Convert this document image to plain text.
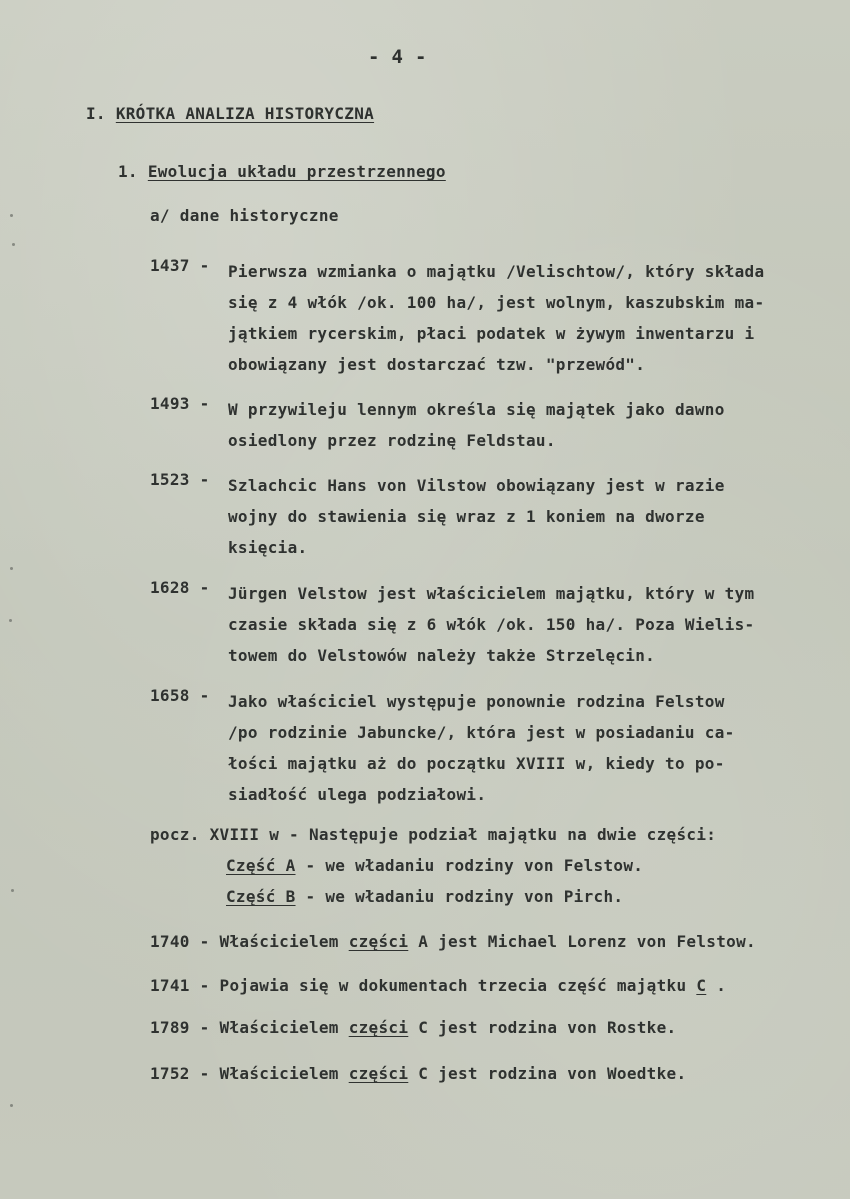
- 4 -
I. KRÓTKA ANALIZA HISTORYCZNA
1. Ewolucja układu przestrzennego
a/ dane historyczne
1437 - Pierwsza wzmianka o majątku /Velischtow/, który składa
się z 4 włók /ok. 100 ha/, jest wolnym, kaszubskim ma-
jątkiem rycerskim, płaci podatek w żywym inwentarzu i
obowiązany jest dostarczać tzw. "przewód".
1493 - W przywileju lennym określa się majątek jako dawno
osiedlony przez rodzinę Feldstau.
1523 - Szlachcic Hans von Vilstow obowiązany jest w razie
wojny do stawienia się wraz z 1 koniem na dworze
księcia.
1628 - Jürgen Velstow jest właścicielem majątku, który w tym
czasie składa się z 6 włók /ok. 150 ha/. Poza Wielis-
towem do Velstowów należy także Strzelęcin.
1658 - Jako właściciel występuje ponownie rodzina Felstow
/po rodzinie Jabuncke/, która jest w posiadaniu ca-
łości majątku aż do początku XVIII w, kiedy to po-
siadłość ulega podziałowi.
pocz. XVIII w - Następuje podział majątku na dwie części:
Część A - we władaniu rodziny von Felstow.
Część B - we władaniu rodziny von Pirch.
1740 - Właścicielem części A jest Michael Lorenz von Felstow.
1741 - Pojawia się w dokumentach trzecia część majątku C .
1789 - Właścicielem części C jest rodzina von Rostke.
1752 - Właścicielem części C jest rodzina von Woedtke.
